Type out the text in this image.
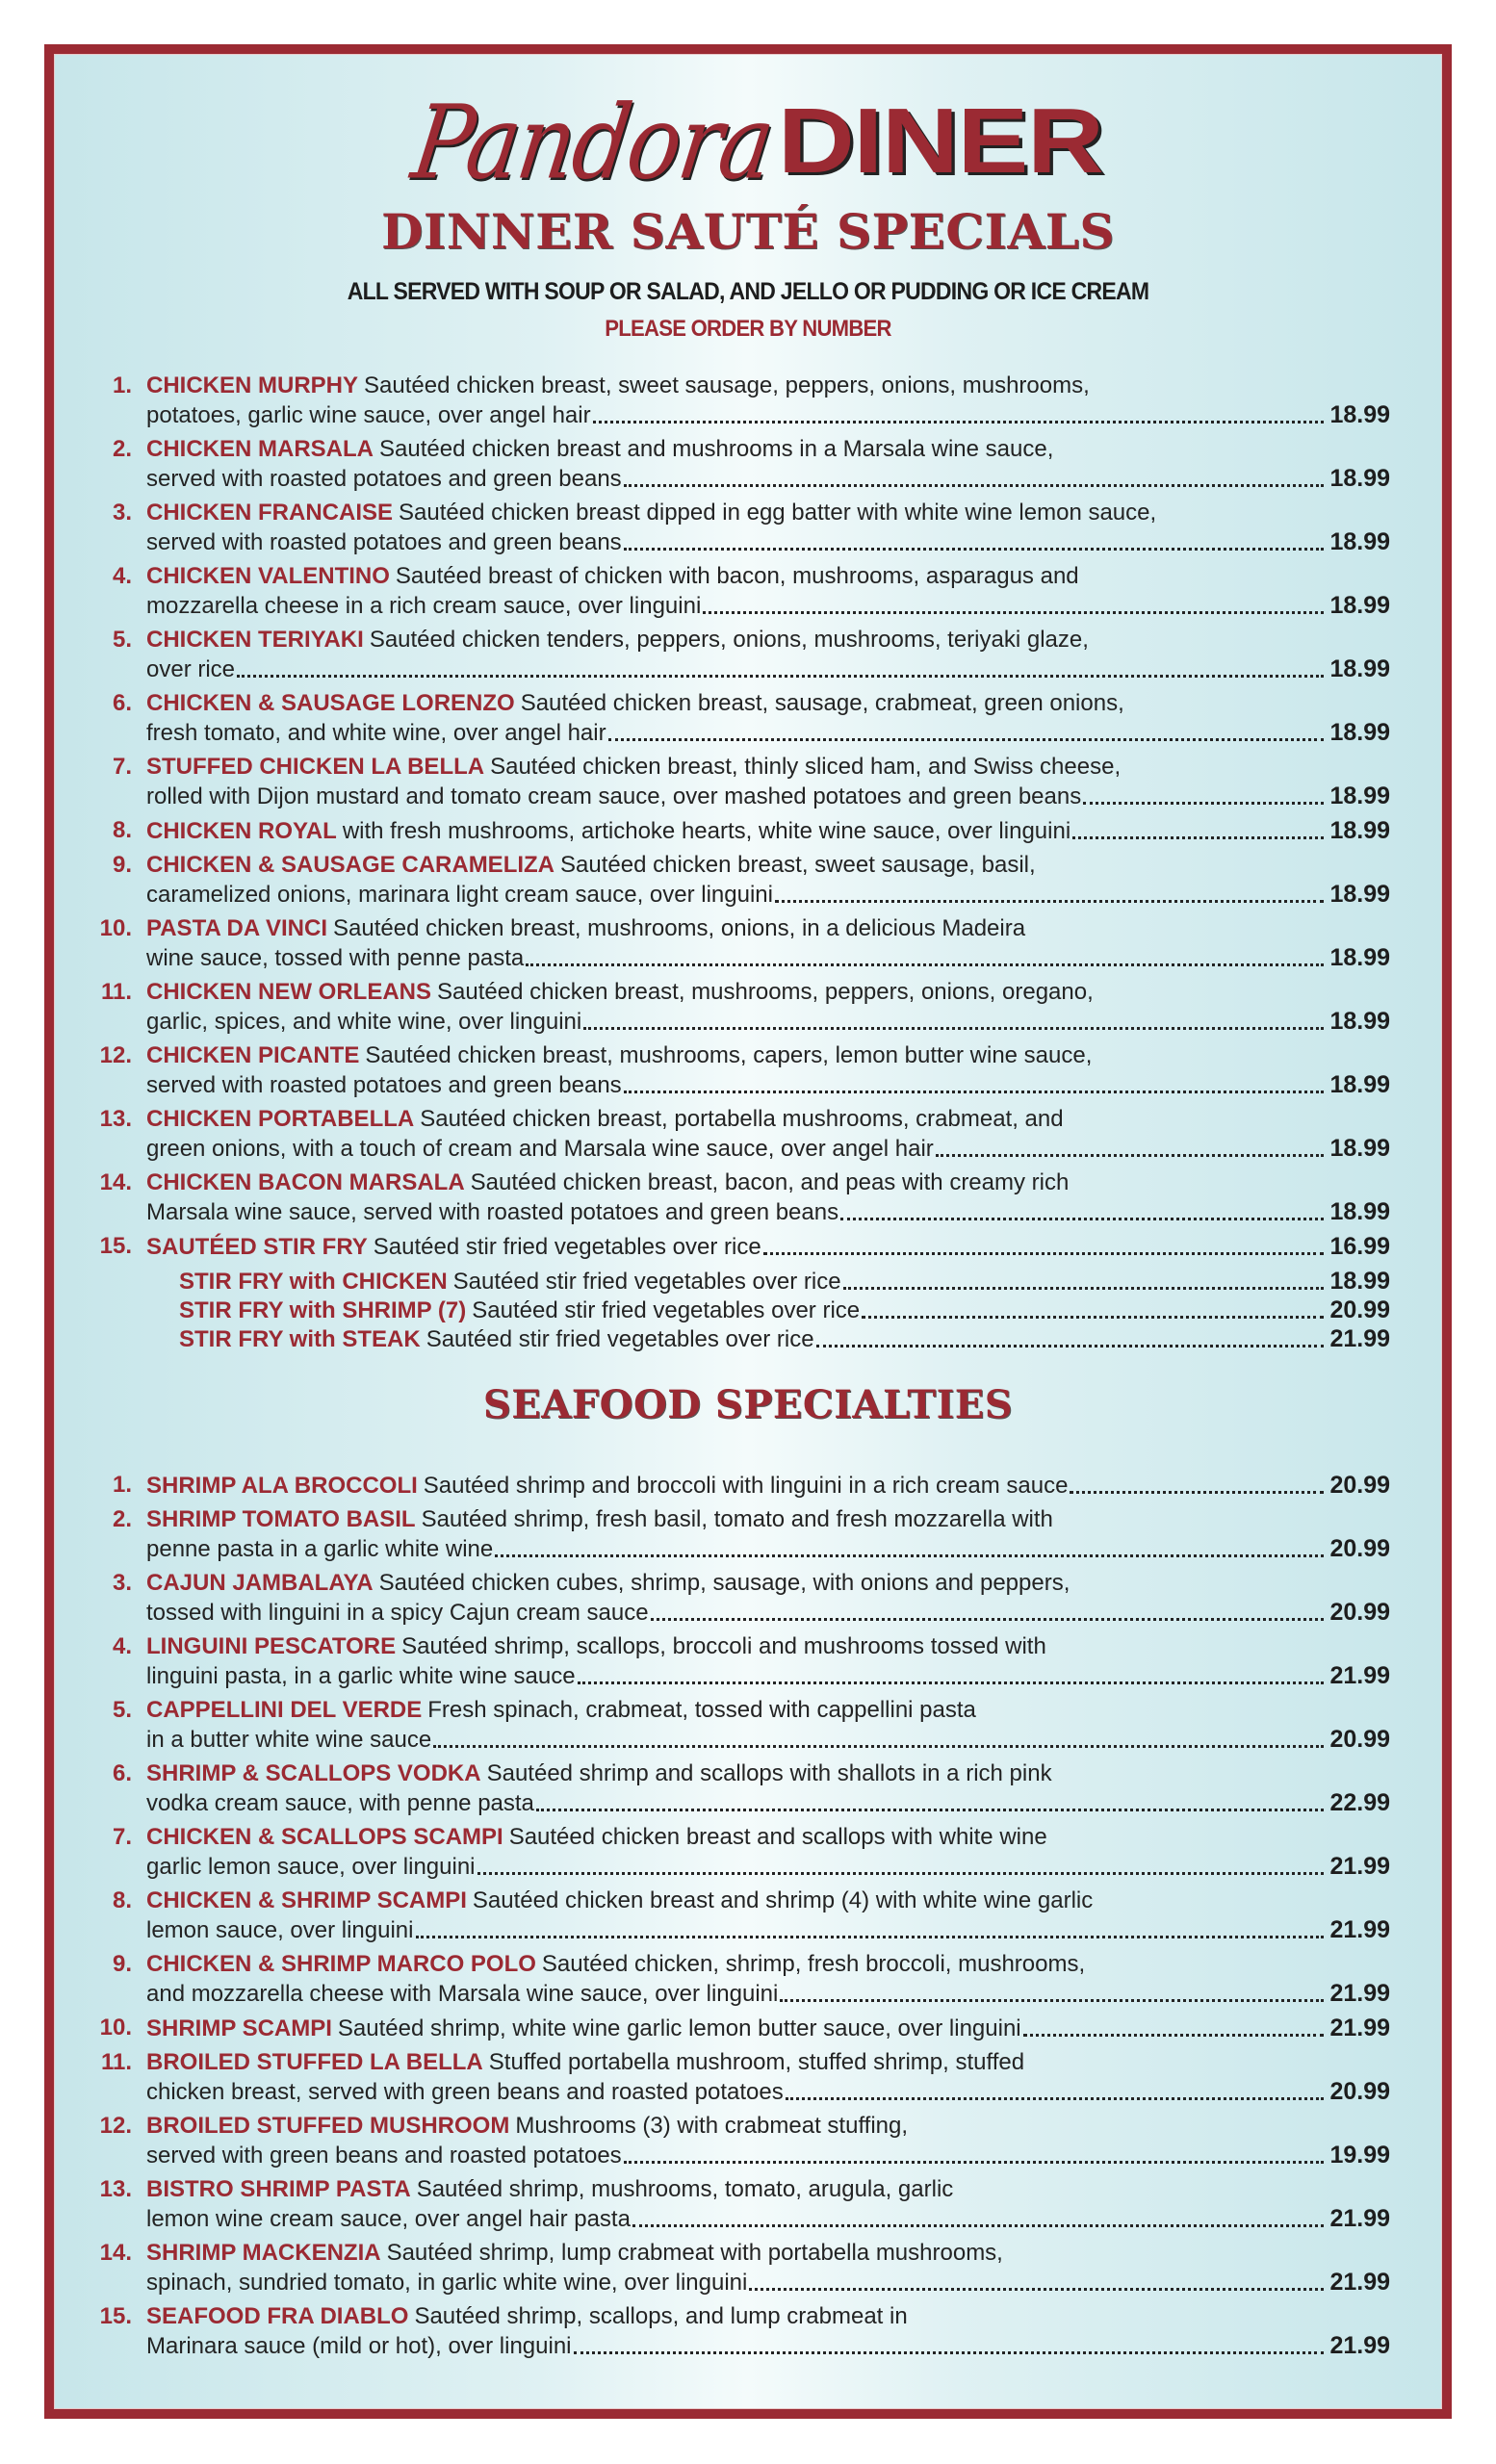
Pandora DINER
DINNER SAUTÉ SPECIALS
ALL SERVED WITH SOUP OR SALAD, AND JELLO OR PUDDING OR ICE CREAM
PLEASE ORDER BY NUMBER
1. CHICKEN MURPHY Sautéed chicken breast, sweet sausage, peppers, onions, mushrooms,
potatoes, garlic wine sauce, over angel hair	18.99
2. CHICKEN MARSALA Sautéed chicken breast and mushrooms in a Marsala wine sauce,
served with roasted potatoes and green beans	18.99
3. CHICKEN FRANCAISE Sautéed chicken breast dipped in egg batter with white wine lemon sauce,
served with roasted potatoes and green beans	18.99
4. CHICKEN VALENTINO Sautéed breast of chicken with bacon, mushrooms, asparagus and
mozzarella cheese in a rich cream sauce, over linguini	18.99
5. CHICKEN TERIYAKI Sautéed chicken tenders, peppers, onions, mushrooms, teriyaki glaze,
over rice	18.99
6. CHICKEN & SAUSAGE LORENZO Sautéed chicken breast, sausage, crabmeat, green onions,
fresh tomato, and white wine, over angel hair	18.99
7. STUFFED CHICKEN LA BELLA Sautéed chicken breast, thinly sliced ham, and Swiss cheese,
rolled with Dijon mustard and tomato cream sauce, over mashed potatoes and green beans	18.99
8. CHICKEN ROYAL with fresh mushrooms, artichoke hearts, white wine sauce, over linguini	18.99
9. CHICKEN & SAUSAGE CARAMELIZA Sautéed chicken breast, sweet sausage, basil,
caramelized onions, marinara light cream sauce, over linguini	18.99
10. PASTA DA VINCI Sautéed chicken breast, mushrooms, onions, in a delicious Madeira
wine sauce, tossed with penne pasta	18.99
11. CHICKEN NEW ORLEANS Sautéed chicken breast, mushrooms, peppers, onions, oregano,
garlic, spices, and white wine, over linguini	18.99
12. CHICKEN PICANTE Sautéed chicken breast, mushrooms, capers, lemon butter wine sauce,
served with roasted potatoes and green beans	18.99
13. CHICKEN PORTABELLA Sautéed chicken breast, portabella mushrooms, crabmeat, and
green onions, with a touch of cream and Marsala wine sauce, over angel hair	18.99
14. CHICKEN BACON MARSALA Sautéed chicken breast, bacon, and peas with creamy rich
Marsala wine sauce, served with roasted potatoes and green beans	18.99
15. SAUTÉED STIR FRY Sautéed stir fried vegetables over rice	16.99
STIR FRY with CHICKEN Sautéed stir fried vegetables over rice	18.99
STIR FRY with SHRIMP (7) Sautéed stir fried vegetables over rice	20.99
STIR FRY with STEAK Sautéed stir fried vegetables over rice	21.99
SEAFOOD SPECIALTIES
1. SHRIMP ALA BROCCOLI Sautéed shrimp and broccoli with linguini in a rich cream sauce	20.99
2. SHRIMP TOMATO BASIL Sautéed shrimp, fresh basil, tomato and fresh mozzarella with
penne pasta in a garlic white wine	20.99
3. CAJUN JAMBALAYA Sautéed chicken cubes, shrimp, sausage, with onions and peppers,
tossed with linguini in a spicy Cajun cream sauce	20.99
4. LINGUINI PESCATORE Sautéed shrimp, scallops, broccoli and mushrooms tossed with
linguini pasta, in a garlic white wine sauce	21.99
5. CAPPELLINI DEL VERDE Fresh spinach, crabmeat, tossed with cappellini pasta
in a butter white wine sauce	20.99
6. SHRIMP & SCALLOPS VODKA Sautéed shrimp and scallops with shallots in a rich pink
vodka cream sauce, with penne pasta	22.99
7. CHICKEN & SCALLOPS SCAMPI Sautéed chicken breast and scallops with white wine
garlic lemon sauce, over linguini	21.99
8. CHICKEN & SHRIMP SCAMPI Sautéed chicken breast and shrimp (4) with white wine garlic
lemon sauce, over linguini	21.99
9. CHICKEN & SHRIMP MARCO POLO Sautéed chicken, shrimp, fresh broccoli, mushrooms,
and mozzarella cheese with Marsala wine sauce, over linguini	21.99
10. SHRIMP SCAMPI Sautéed shrimp, white wine garlic lemon butter sauce, over linguini	21.99
11. BROILED STUFFED LA BELLA Stuffed portabella mushroom, stuffed shrimp, stuffed
chicken breast, served with green beans and roasted potatoes	20.99
12. BROILED STUFFED MUSHROOM Mushrooms (3) with crabmeat stuffing,
served with green beans and roasted potatoes	19.99
13. BISTRO SHRIMP PASTA Sautéed shrimp, mushrooms, tomato, arugula, garlic
lemon wine cream sauce, over angel hair pasta	21.99
14. SHRIMP MACKENZIA Sautéed shrimp, lump crabmeat with portabella mushrooms,
spinach, sundried tomato, in garlic white wine, over linguini	21.99
15. SEAFOOD FRA DIABLO Sautéed shrimp, scallops, and lump crabmeat in
Marinara sauce (mild or hot), over linguini	21.99
